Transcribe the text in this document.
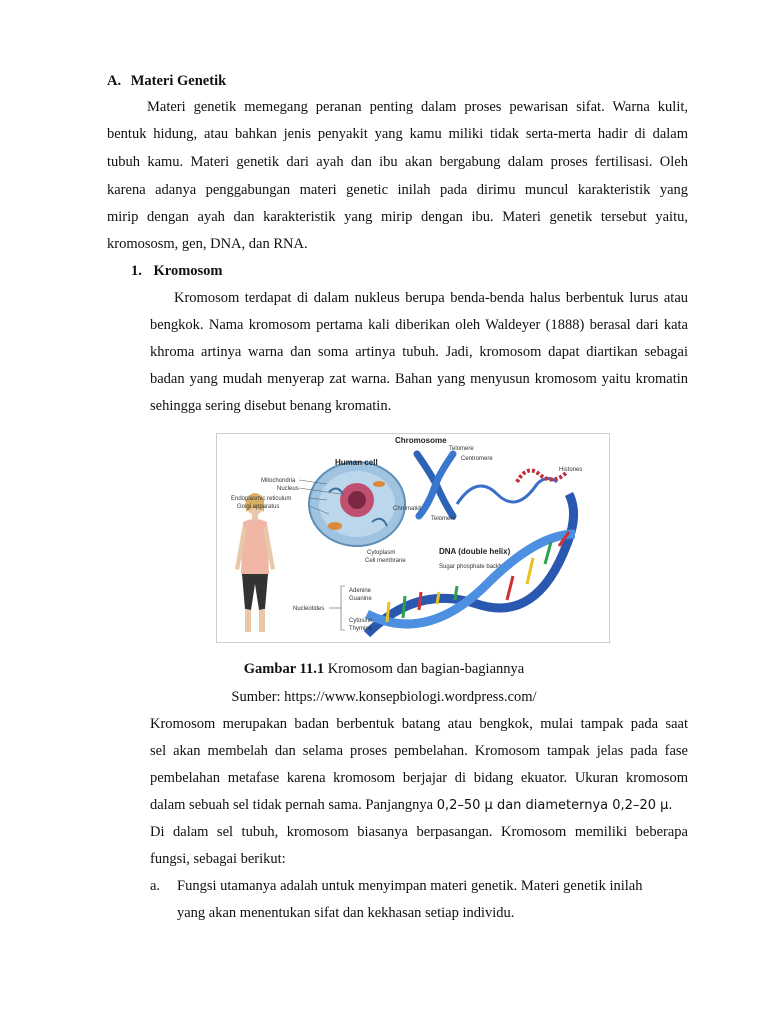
A. Materi Genetik
Materi genetik memegang peranan penting dalam proses pewarisan sifat. Warna kulit,
bentuk hidung, atau bahkan jenis penyakit yang kamu miliki tidak serta-merta hadir di dalam
tubuh kamu. Materi genetik dari ayah dan ibu akan bergabung dalam proses fertilisasi. Oleh
karena adanya penggabungan materi genetic inilah pada dirimu muncul karakteristik yang
mirip dengan ayah dan karakteristik yang mirip dengan ibu. Materi genetik tersebut yaitu,
kromososm, gen, DNA, dan RNA.
1. Kromosom
Kromosom terdapat di dalam nukleus berupa benda-benda halus berbentuk lurus atau
bengkok. Nama kromosom pertama kali diberikan oleh Waldeyer (1888) berasal dari kata
khroma artinya warna dan soma artinya tubuh. Jadi, kromosom dapat diartikan sebagai
badan yang mudah menyerap zat warna. Bahan yang menyusun kromosom yaitu kromatin
sehingga sering disebut benang kromatin.
Human cell
Mitochondria
Nucleus
Endoplasmic reticulum
Golgi apparatus
Cytoplasm
Cell membrane
Chromosome
Telomere
Centromere
Chromatid
Telomere
Histones
DNA (double helix)
Sugar phosphate backbone
Adenine
Guanine
Nucleotides
Cytosine
Thymine
Gambar 11.1 Kromosom dan bagian-bagiannya
Sumber: https://www.konsepbiologi.wordpress.com/
Kromosom merupakan badan berbentuk batang atau bengkok, mulai tampak pada saat
sel akan membelah dan selama proses pembelahan. Kromosom tampak jelas pada fase
pembelahan metafase karena kromosom berjajar di bidang ekuator. Ukuran kromosom
dalam sebuah sel tidak pernah sama. Panjangnya 0,2–50 µ dan diameternya 0,2–20 µ.
Di dalam sel tubuh, kromosom biasanya berpasangan. Kromosom memiliki beberapa
fungsi, sebagai berikut:
a. Fungsi utamanya adalah untuk menyimpan materi genetik. Materi genetik inilah
yang akan menentukan sifat dan kekhasan setiap individu.
